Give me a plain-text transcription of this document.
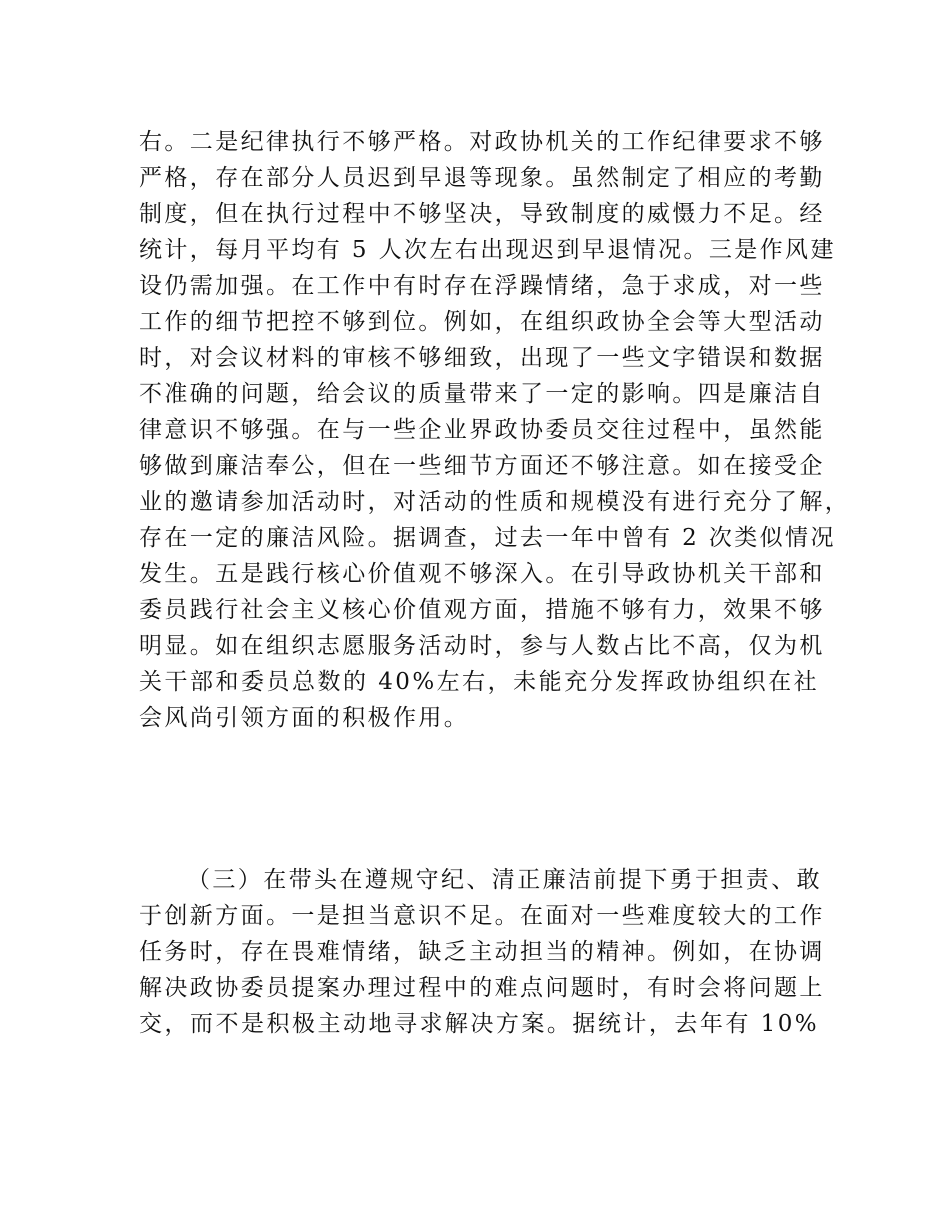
右。二是纪律执行不够严格。对政协机关的工作纪律要求不够
严格，存在部分人员迟到早退等现象。虽然制定了相应的考勤
制度，但在执行过程中不够坚决，导致制度的威慑力不足。经
统计，每月平均有 5 人次左右出现迟到早退情况。三是作风建
设仍需加强。在工作中有时存在浮躁情绪，急于求成，对一些
工作的细节把控不够到位。例如，在组织政协全会等大型活动
时，对会议材料的审核不够细致，出现了一些文字错误和数据
不准确的问题，给会议的质量带来了一定的影响。四是廉洁自
律意识不够强。在与一些企业界政协委员交往过程中，虽然能
够做到廉洁奉公，但在一些细节方面还不够注意。如在接受企
业的邀请参加活动时，对活动的性质和规模没有进行充分了解，
存在一定的廉洁风险。据调查，过去一年中曾有 2 次类似情况
发生。五是践行核心价值观不够深入。在引导政协机关干部和
委员践行社会主义核心价值观方面，措施不够有力，效果不够
明显。如在组织志愿服务活动时，参与人数占比不高，仅为机
关干部和委员总数的 40%左右，未能充分发挥政协组织在社
会风尚引领方面的积极作用。
（三）在带头在遵规守纪、清正廉洁前提下勇于担责、敢
于创新方面。一是担当意识不足。在面对一些难度较大的工作
任务时，存在畏难情绪，缺乏主动担当的精神。例如，在协调
解决政协委员提案办理过程中的难点问题时，有时会将问题上
交，而不是积极主动地寻求解决方案。据统计，去年有 10%
